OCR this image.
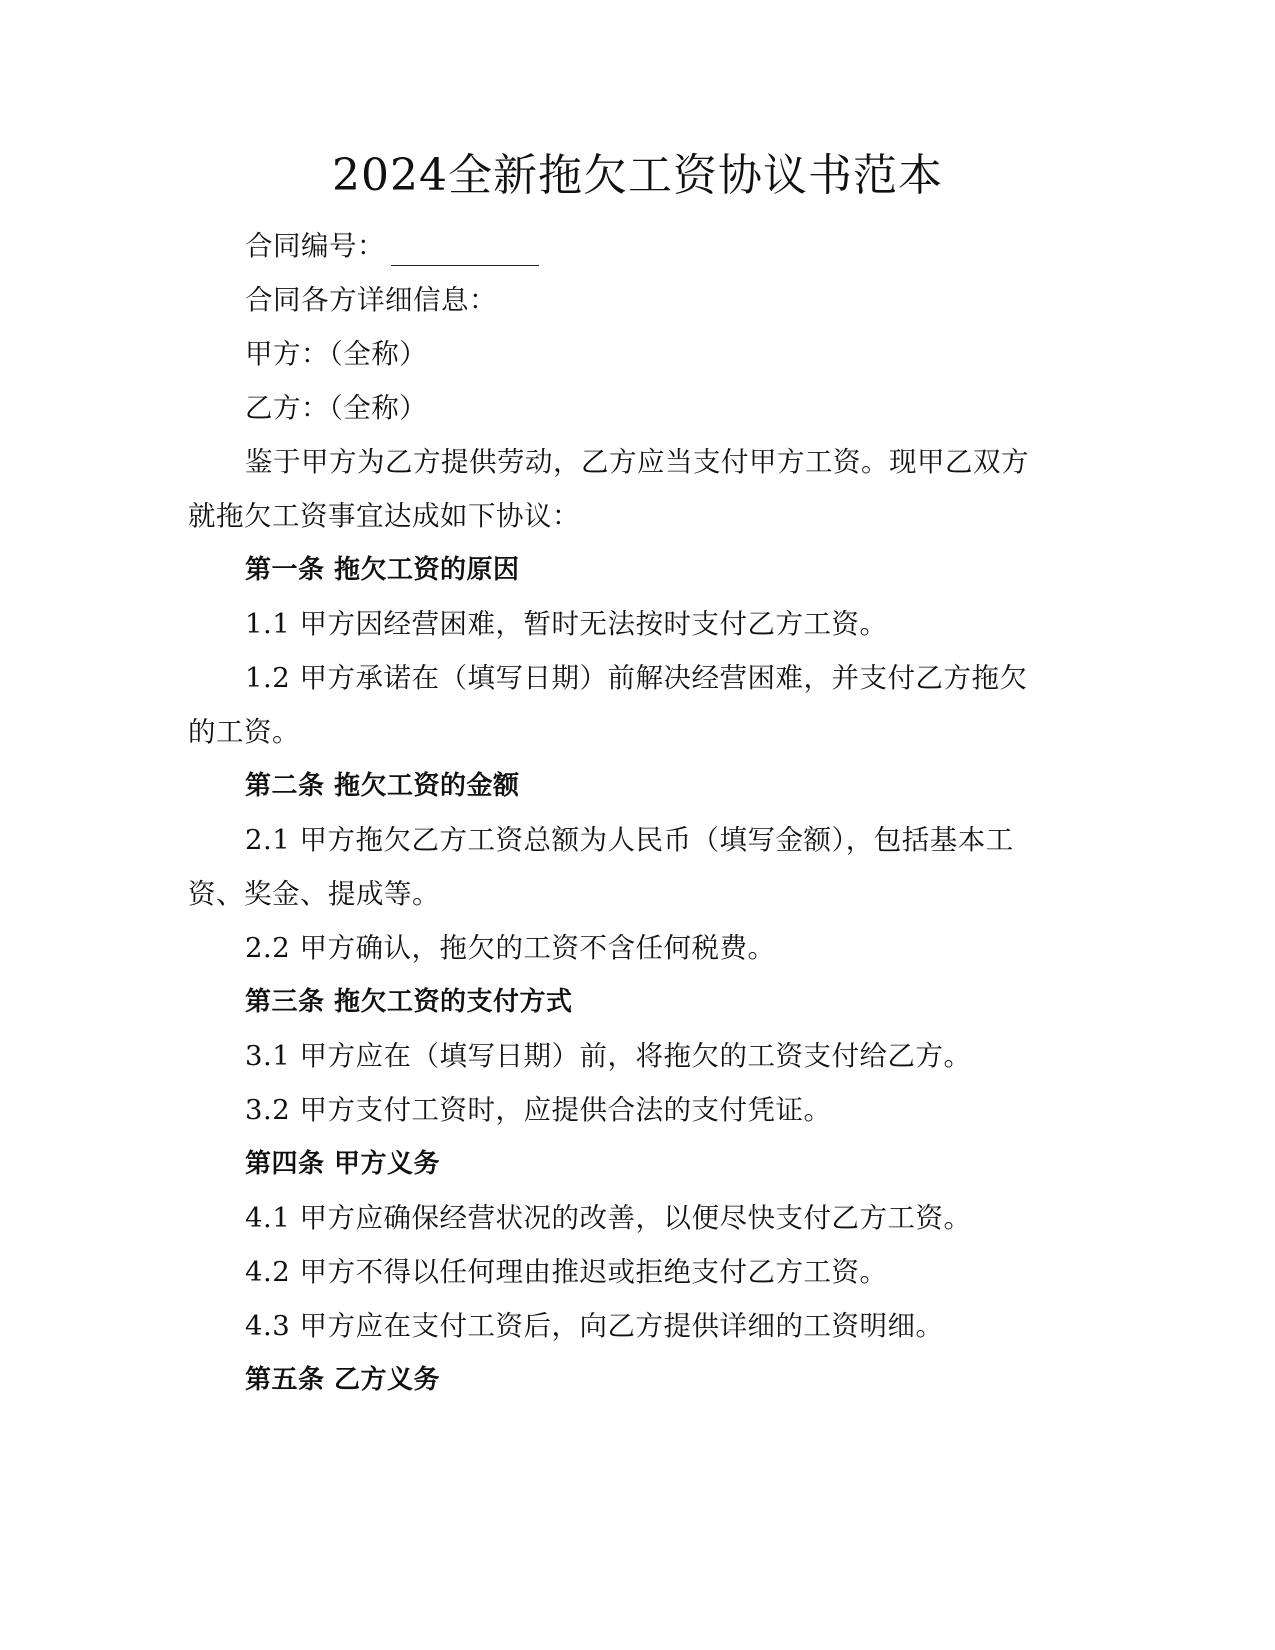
2024全新拖欠工资协议书范本
合同编号：
合同各方详细信息：
甲方：（全称）
乙方：（全称）
鉴于甲方为乙方提供劳动，乙方应当支付甲方工资。现甲乙双方
就拖欠工资事宜达成如下协议：
第一条 拖欠工资的原因
1.1 甲方因经营困难，暂时无法按时支付乙方工资。
1.2 甲方承诺在（填写日期）前解决经营困难，并支付乙方拖欠
的工资。
第二条 拖欠工资的金额
2.1 甲方拖欠乙方工资总额为人民币（填写金额），包括基本工
资、奖金、提成等。
2.2 甲方确认，拖欠的工资不含任何税费。
第三条 拖欠工资的支付方式
3.1 甲方应在（填写日期）前，将拖欠的工资支付给乙方。
3.2 甲方支付工资时，应提供合法的支付凭证。
第四条 甲方义务
4.1 甲方应确保经营状况的改善，以便尽快支付乙方工资。
4.2 甲方不得以任何理由推迟或拒绝支付乙方工资。
4.3 甲方应在支付工资后，向乙方提供详细的工资明细。
第五条 乙方义务
